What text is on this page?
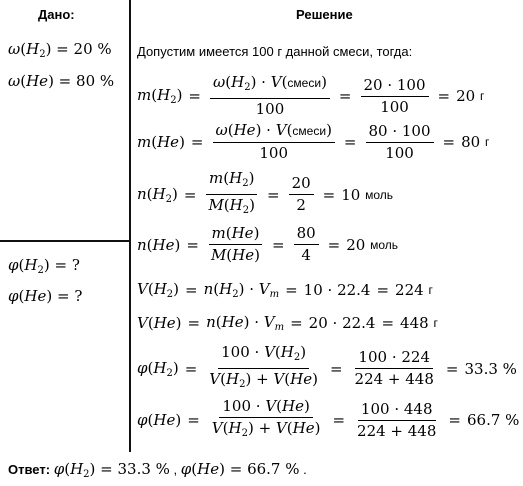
Дано:	Решение
$\omega(H_2) = 20$ %
ω(He) = 80 %
$\varphi(H_2)$ = ?
φ(He) = ?
Допустим имеется 100 г данной смеси, тогда:
$m(H_2) = \frac{\omega(H_2) \cdot V(смеси)}{100} = \frac{20 \cdot 100}{100} = 20$
г
$m(He) = \frac{\text{ω(He) · V(смеси)}}{100} = \frac{80 \cdot 100}{100} = 80$
г
$n(H_2) = \frac{m(H_2)}{M(H_2)} = \frac{20}{2} = 10$
моль
$n(He) = \frac{m(He)}{M(He)} = \frac{80}{4} = 20$
моль
$V(H_2) = n(H_2) \cdot V_m = 10 \cdot 22.4 = 224$
г
$V(He) = n(He) \cdot V_m = 20 \cdot 22.4 = 448$
г
$\varphi(H_2) = \frac{100 \cdot V(H_2)}{V(H_2) + V(He)} = \frac{100 \cdot 224}{224 + 448} = 33.3$ %
$\varphi(He) = \frac{100 \cdot V(He)}{V(H_2) + V(He)} = \frac{100 \cdot 448}{224 + 448} = 66.7$ %
Ответ: $\varphi(H_2) = 33.3$ % , φ(He) = 66.7 % .
